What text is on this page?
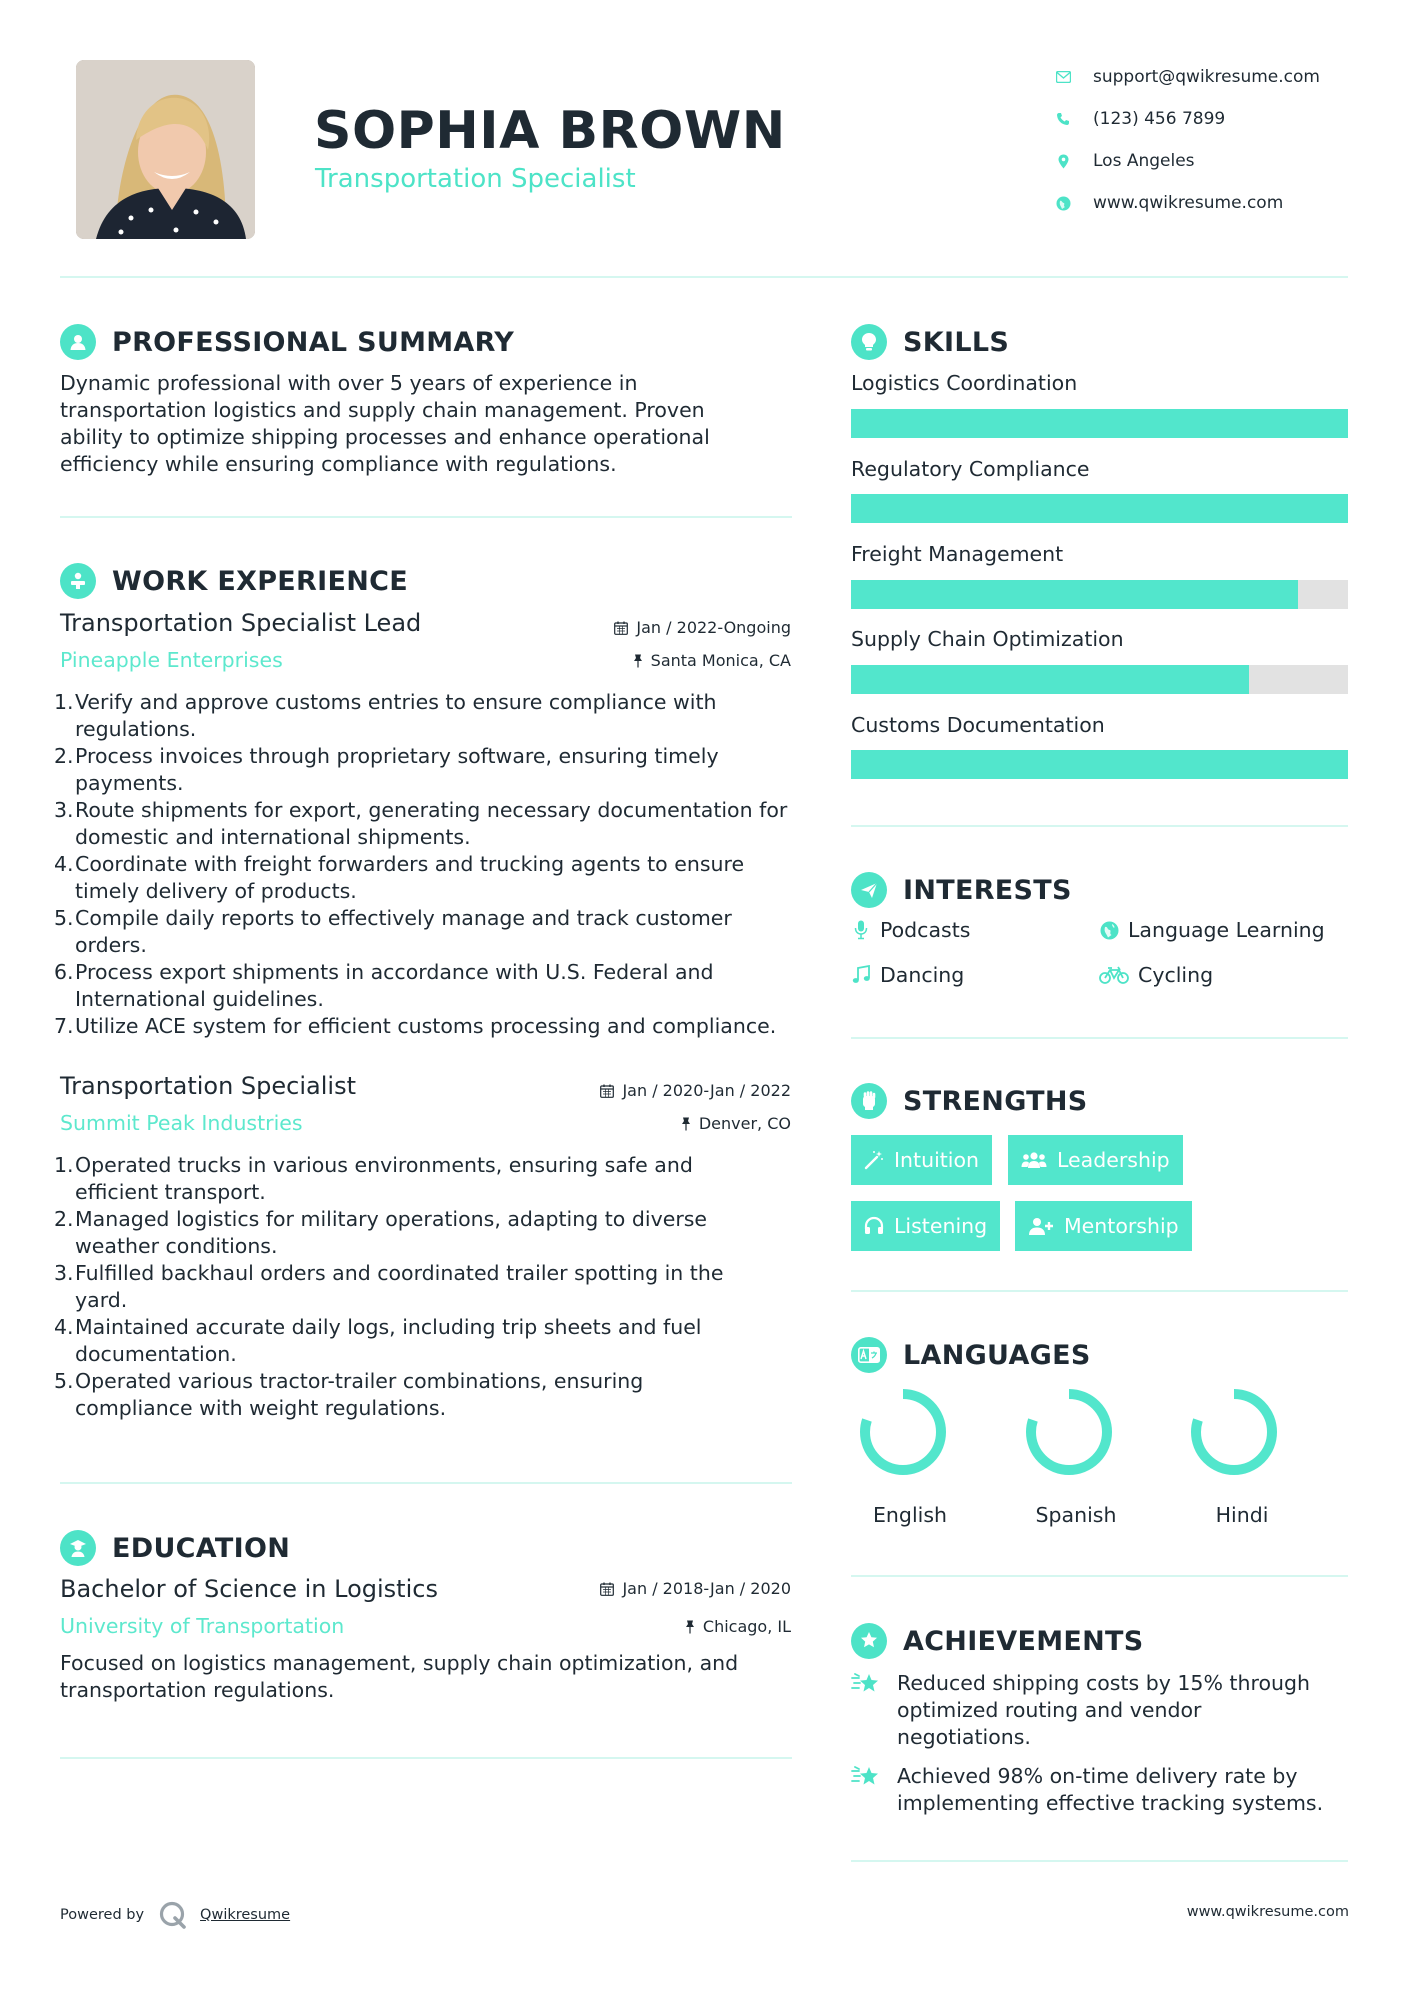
SOPHIA BROWN
Transportation Specialist
support@qwikresume.com
(123) 456 7899
Los Angeles
www.qwikresume.com
PROFESSIONAL SUMMARY
Dynamic professional with over 5 years of experience in transportation logistics and supply chain management. Proven ability to optimize shipping processes and enhance operational efficiency while ensuring compliance with regulations.
WORK EXPERIENCE
Transportation Specialist Lead	Jan / 2022-Ongoing
Pineapple Enterprises	Santa Monica, CA
1. Verify and approve customs entries to ensure compliance with regulations.
2. Process invoices through proprietary software, ensuring timely payments.
3. Route shipments for export, generating necessary documentation for domestic and international shipments.
4. Coordinate with freight forwarders and trucking agents to ensure timely delivery of products.
5. Compile daily reports to effectively manage and track customer orders.
6. Process export shipments in accordance with U.S. Federal and International guidelines.
7. Utilize ACE system for efficient customs processing and compliance.
Transportation Specialist	Jan / 2020-Jan / 2022
Summit Peak Industries	Denver, CO
1. Operated trucks in various environments, ensuring safe and efficient transport.
2. Managed logistics for military operations, adapting to diverse weather conditions.
3. Fulfilled backhaul orders and coordinated trailer spotting in the yard.
4. Maintained accurate daily logs, including trip sheets and fuel documentation.
5. Operated various tractor-trailer combinations, ensuring compliance with weight regulations.
EDUCATION
Bachelor of Science in Logistics	Jan / 2018-Jan / 2020
University of Transportation	Chicago, IL
Focused on logistics management, supply chain optimization, and transportation regulations.
SKILLS
Logistics Coordination
Regulatory Compliance
Freight Management
Supply Chain Optimization
Customs Documentation
INTERESTS
Podcasts	Language Learning
Dancing	Cycling
STRENGTHS
Intuition	Leadership
Listening	Mentorship
LANGUAGES
English	Spanish	Hindi
ACHIEVEMENTS
Reduced shipping costs by 15% through optimized routing and vendor negotiations.
Achieved 98% on-time delivery rate by implementing effective tracking systems.
Powered by	Qwikresume	www.qwikresume.com
